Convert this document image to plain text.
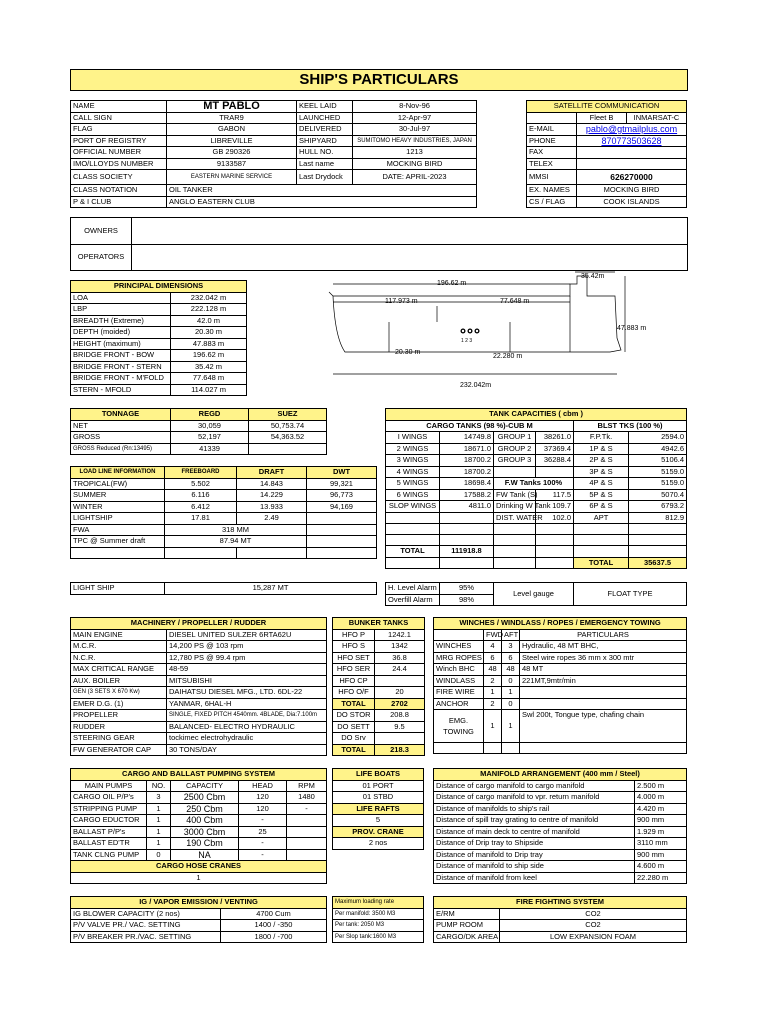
SHIP'S PARTICULARS
NAME	MT PABLO	KEEL LAID	8-Nov-96
CALL SIGN	TRAR9	LAUNCHED	12-Apr-97
FLAG	GABON	DELIVERED	30-Jul-97
PORT OF REGISTRY	LIBREVILLE	SHIPYARD	SUMITOMO HEAVY INDUSTRIES, JAPAN
OFFICIAL NUMBER	GB 290326	HULL NO.	1213
IMO/LLOYDS NUMBER	9133587	Last name	MOCKING BIRD
CLASS SOCIETY	EASTERN MARINE SERVICE	Last Drydock	DATE: APRIL-2023
CLASS NOTATION	OIL TANKER		
P & I CLUB	ANGLO EASTERN CLUB		
SATELLITE COMMUNICATION		
	Fleet B	INMARSAT-C
E-MAIL	pablo@gtmailplus.com	
PHONE	870773503628	
FAX		
TELEX		
MMSI	626270000	
EX. NAMES	MOCKING BIRD	
CS / FLAG	COOK ISLANDS	
OWNERS
OPERATORS
PRINCIPAL DIMENSIONS	
LOA	232.042 m
LBP	222.128 m
BREADTH (Extreme)	42.0 m
DEPTH (moided)	20.30 m
HEIGHT (maximum)	47.883 m
BRIDGE FRONT - BOW	196.62 m
BRIDGE FRONT - STERN	35.42 m
BRIDGE FRONT - M'FOLD	77.648 m
STERN - MFOLD	114.027 m
196.62 m
35.42m
117.973 m	77.648 m
47.883 m
20.30 m
22.280 m
1 2 3
232.042m
TONNAGE	REGD	SUEZ
NET	30,059	50,753.74
GROSS	52,197	54,363.52
GROSS Reduced (Rn:13495)	41339	
LOAD LINE INFORMATION	FREEBOARD	DRAFT	DWT
TROPICAL(FW)	5.502	14.843	99,321
SUMMER	6.116	14.229	96,773
WINTER	6.412	13.933	94,169
LIGHTSHIP	17.81	2.49	
FWA	318 MM		
TPC @ Summer draft	87.94 MT		

LIGHT SHIP	15,287 MT
TANK CAPACITIES ( cbm )					
CARGO TANKS (98 %)-CUB M				BLST TKS (100 %)	
I WINGS	14749.8	GROUP 1	38261.0	F.P.Tk.	2594.0
2 WINGS	18671.0	GROUP 2	37369.4	1P & S	4942.6
3 WINGS	18700.2	GROUP 3	36288.4	2P & S	5106.4
4 WINGS	18700.2			3P & S	5159.0
5 WINGS	18698.4	F.W Tanks 100%		4P & S	5159.0
6 WINGS	17588.2	FW Tank (S)	117.5	5P & S	5070.4
SLOP WINGS	4811.0	Drinking W Tank	109.7	6P & S	6793.2
		DIST. WATER	102.0	APT	812.9

TOTAL	111918.8				
				TOTAL	35637.5
H. Level Alarm	95%	Level gauge	FLOAT TYPE
Overfill Alarm	98%		
MACHINERY / PROPELLER / RUDDER	
MAIN ENGINE	DIESEL UNITED SULZER 6RTA62U
M.C.R.	14,200 PS @ 103 rpm
N.C.R.	12,780 PS @ 99.4 rpm
MAX CRITICAL RANGE	48-59
AUX. BOILER	MITSUBISHI
GEN (3 SETS X 670 Kw)	DAIHATSU DIESEL MFG., LTD. 6DL-22
EMER D.G. (1)	YANMAR, 6HAL-H
PROPELLER	SINGLE, FIXED PITCH 4540mm. 4BLADE, Dia:7.100m
RUDDER	BALANCED- ELECTRO HYDRAULIC
STEERING GEAR	tockimec electrohydraulic
FW GENERATOR CAP	30 TONS/DAY
BUNKER TANKS	
HFO P	1242.1
HFO S	1342
HFO SET	36.8
HFO SER	24.4
HFO CP	
HFO O/F	20
TOTAL	2702
DO STOR	208.8
DO SETT	9.5
DO Srv	
TOTAL	218.3
WINCHES / WINDLASS / ROPES / EMERGENCY TOWING			
	FWD	AFT	PARTICULARS
WINCHES	4	3	Hydraulic, 48 MT BHC,
MRG ROPES	6	6	Steel wire ropes 36 mm x 300 mtr
Winch BHC	48	48	48 MT
WINDLASS	2	0	221MT,9mtr/min
FIRE WIRE	1	1	
ANCHOR	2	0	
EMG. TOWING	1	1	Swl 200t, Tongue type, chafing chain

CARGO AND BALLAST PUMPING SYSTEM				
MAIN PUMPS	NO.	CAPACITY	HEAD	RPM
CARGO OIL P/P's	3	2500 Cbm	120	1480
STRIPPING PUMP	1	250 Cbm	120	-
CARGO EDUCTOR	1	400 Cbm	-	
BALLAST P/P's	1	3000 Cbm	25	
BALLAST ED'TR	1	190 Cbm	-	
TANK CLNG PUMP	0	NA	-	
CARGO HOSE CRANES				
1				
LIFE BOATS
01 PORT
01 STBD
LIFE RAFTS
5
PROV. CRANE
2 nos
MANIFOLD ARRANGEMENT (400 mm / Steel)	
Distance of cargo manifold to cargo manifold	2.500 m
Distance of cargo manifold to vpr. return manifold	4.000 m
Distance of manifolds to ship's rail	4.420 m
Distance of spill tray grating to centre of manifold	900 mm
Distance of main deck to centre of manifold	1.929 m
Distance of Drip tray to Shipside	3110 mm
Distance of manifold to Drip tray	900 mm
Distance of manifold to ship side	4.600 m
Distance of manifold from keel	22.280 m
IG / VAPOR EMISSION / VENTING	
IG BLOWER CAPACITY (2 nos)	4700 Cum
P/V VALVE PR./ VAC. SETTING	1400 / -350
P/V BREAKER PR./VAC. SETTING	1800 / -700
Maximum loading rate
Per manifold: 3500 M3
Per tank: 2050 M3
Per Slop tank:1600 M3
FIRE FIGHTING SYSTEM	
E/RM	CO2
PUMP ROOM	CO2
CARGO/DK AREA	LOW EXPANSION FOAM
